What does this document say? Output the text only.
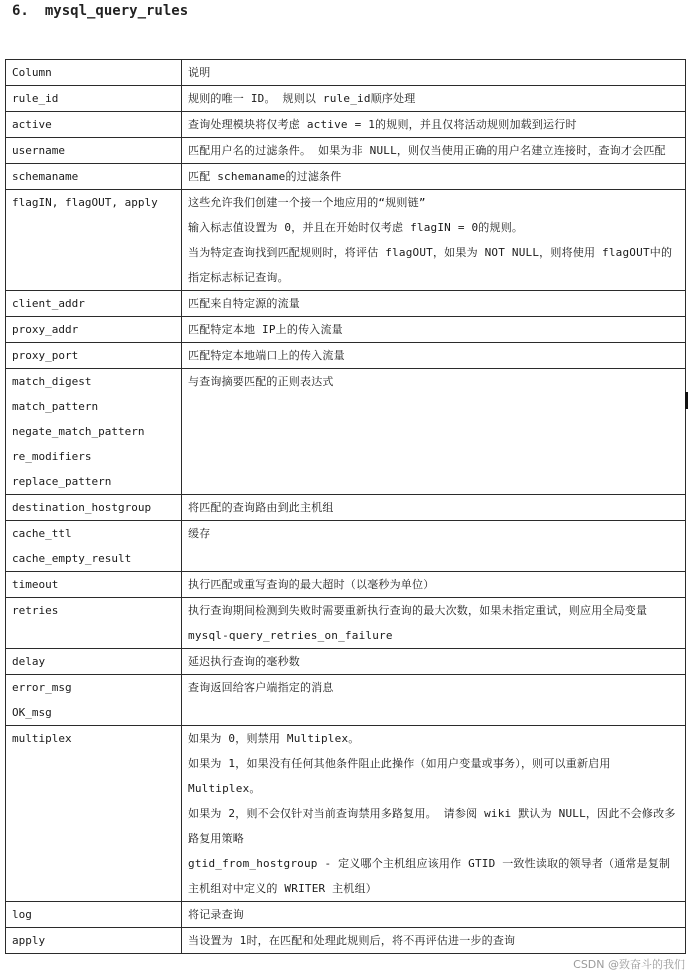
6. mysql_query_rules
Column	说明

rule_id	规则的唯一 ID。 规则以 rule_id顺序处理

active	查询处理模块将仅考虑 active = 1的规则，并且仅将活动规则加载到运行时

username	匹配用户名的过滤条件。 如果为非 NULL，则仅当使用正确的用户名建立连接时，查询才会匹配

schemaname	匹配 schemaname的过滤条件

flagIN, flagOUT, apply	这些允许我们创建一个接一个地应用的“规则链”
输入标志值设置为 0，并且在开始时仅考虑 flagIN = 0的规则。
当为特定查询找到匹配规则时，将评估 flagOUT，如果为 NOT NULL，则将使用 flagOUT中的指定标志标记查询。

client_addr	匹配来自特定源的流量

proxy_addr	匹配特定本地 IP上的传入流量

proxy_port	匹配特定本地端口上的传入流量

match_digest
match_pattern
negate_match_pattern
re_modifiers
replace_pattern	与查询摘要匹配的正则表达式

destination_hostgroup	将匹配的查询路由到此主机组

cache_ttl
cache_empty_result	缓存

timeout	执行匹配或重写查询的最大超时（以毫秒为单位）

retries	执行查询期间检测到失败时需要重新执行查询的最大次数，如果未指定重试，则应用全局变量 mysql-query_retries_on_failure

delay	延迟执行查询的毫秒数

error_msg
OK_msg	查询返回给客户端指定的消息

multiplex	如果为 0，则禁用 Multiplex。
如果为 1，如果没有任何其他条件阻止此操作（如用户变量或事务），则可以重新启用 Multiplex。
如果为 2，则不会仅针对当前查询禁用多路复用。 请参阅 wiki 默认为 NULL，因此不会修改多路复用策略
gtid_from_hostgroup - 定义哪个主机组应该用作 GTID 一致性读取的领导者（通常是复制主机组对中定义的 WRITER 主机组）

log	将记录查询

apply	当设置为 1时，在匹配和处理此规则后，将不再评估进一步的查询
CSDN @致奋斗的我们
